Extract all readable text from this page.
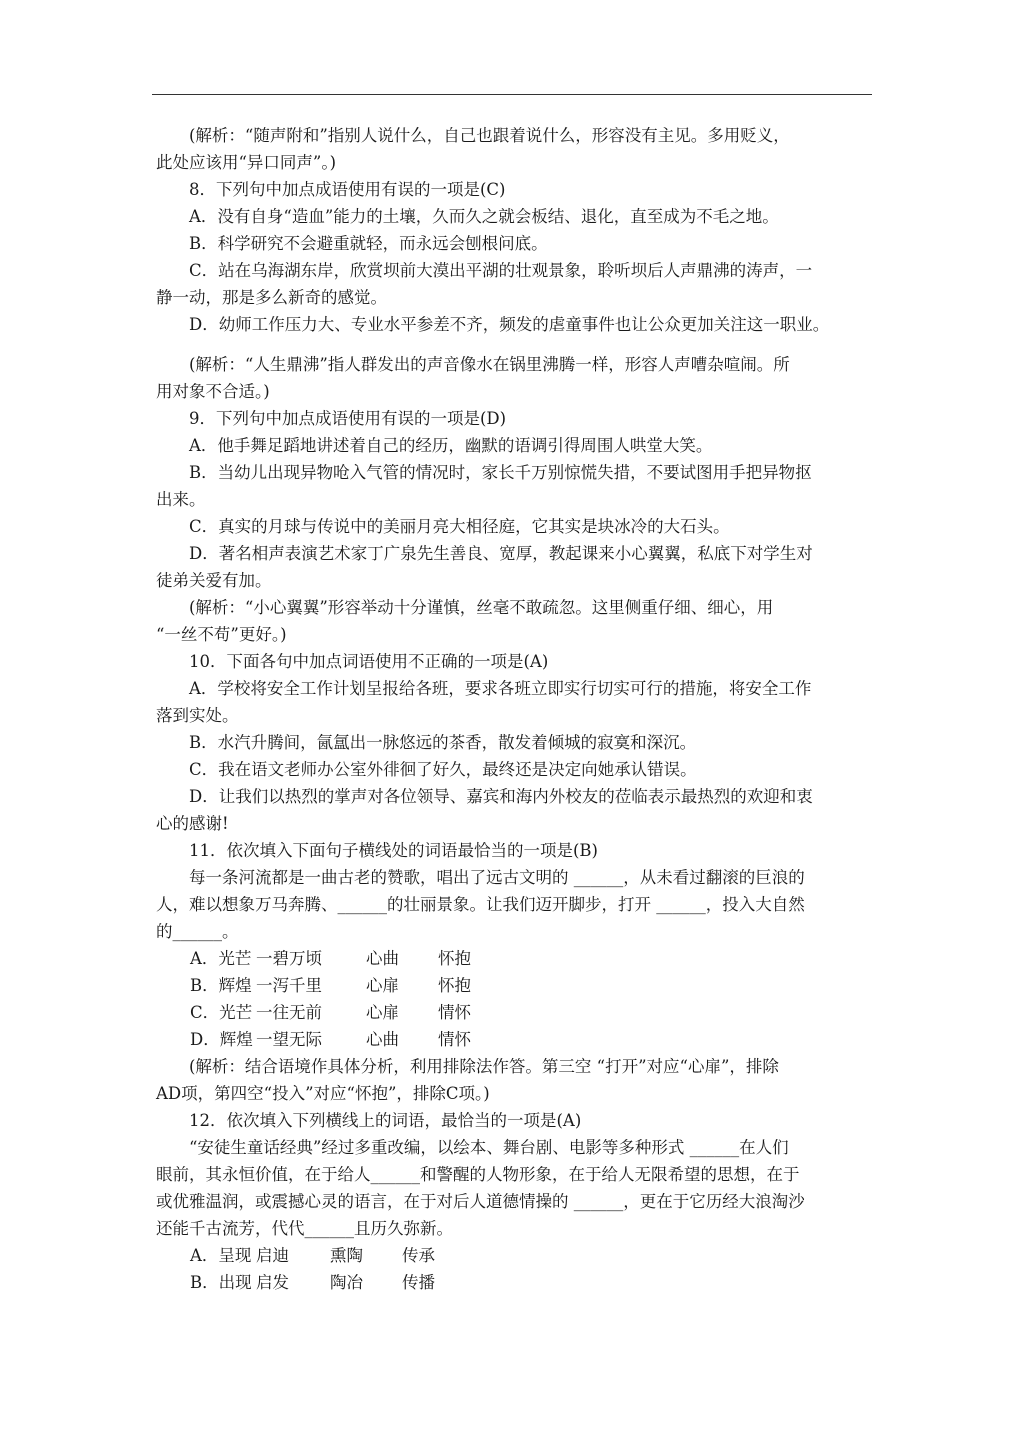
　　(解析：“随声附和”指别人说什么，自己也跟着说什么，形容没有主见。多用贬义，
此处应该用“异口同声”。)
　　8．下列句中加点成语使用有误的一项是(C)
　　A．没有自身“造血”能力的土壤，久而久之就会板结、退化，直至成为不毛之地。
　　B．科学研究不会避重就轻，而永远会刨根问底。
　　C．站在乌海湖东岸，欣赏坝前大漠出平湖的壮观景象，聆听坝后人声鼎沸的涛声，一
静一动，那是多么新奇的感觉。
　　D．幼师工作压力大、专业水平参差不齐，频发的虐童事件也让公众更加关注这一职业。
　　(解析：“人生鼎沸”指人群发出的声音像水在锅里沸腾一样，形容人声嘈杂喧闹。所
用对象不合适。)
　　9．下列句中加点成语使用有误的一项是(D)
　　A．他手舞足蹈地讲述着自己的经历，幽默的语调引得周围人哄堂大笑。
　　B．当幼儿出现异物呛入气管的情况时，家长千万别惊慌失措，不要试图用手把异物抠
出来。
　　C．真实的月球与传说中的美丽月亮大相径庭，它其实是块冰冷的大石头。
　　D．著名相声表演艺术家丁广泉先生善良、宽厚，教起课来小心翼翼，私底下对学生对
徒弟关爱有加。
　　(解析：“小心翼翼”形容举动十分谨慎，丝毫不敢疏忽。这里侧重仔细、细心，用
“一丝不苟”更好。)
　　10．下面各句中加点词语使用不正确的一项是(A)
　　A．学校将安全工作计划呈报给各班，要求各班立即实行切实可行的措施，将安全工作
落到实处。
　　B．水汽升腾间，氤氲出一脉悠远的茶香，散发着倾城的寂寞和深沉。
　　C．我在语文老师办公室外徘徊了好久，最终还是决定向她承认错误。
　　D．让我们以热烈的掌声对各位领导、嘉宾和海内外校友的莅临表示最热烈的欢迎和衷
心的感谢!
　　11．依次填入下面句子横线处的词语最恰当的一项是(B)
　　每一条河流都是一曲古老的赞歌，唱出了远古文明的 ______，从未看过翻滚的巨浪的
人，难以想象万马奔腾、______的壮丽景象。让我们迈开脚步，打开 ______，投入大自然
的______。
A．光芒 一碧万顷	心曲	怀抱
B．辉煌 一泻千里	心扉	怀抱
C．光芒 一往无前	心扉	情怀
D．辉煌 一望无际	心曲	情怀
　　(解析：结合语境作具体分析，利用排除法作答。第三空 “打开”对应“心扉”，排除
AD项，第四空“投入”对应“怀抱”，排除C项。)
　　12．依次填入下列横线上的词语，最恰当的一项是(A)
　　“安徒生童话经典”经过多重改编，以绘本、舞台剧、电影等多种形式 ______在人们
眼前，其永恒价值，在于给人______和警醒的人物形象，在于给人无限希望的思想，在于
或优雅温润，或震撼心灵的语言，在于对后人道德情操的 ______，更在于它历经大浪淘沙
还能千古流芳，代代______且历久弥新。
A．呈现 启迪	熏陶	传承
B．出现 启发	陶冶	传播
